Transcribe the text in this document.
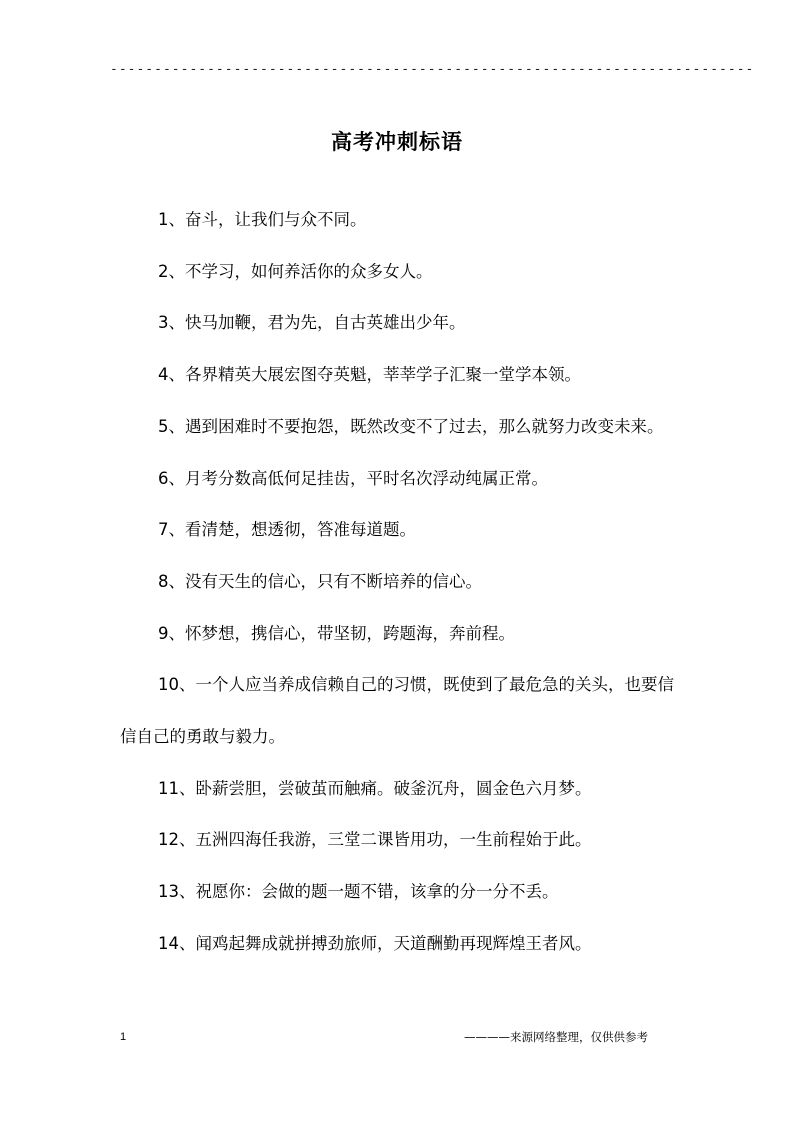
-------------------------------------------------------------------------
高考冲刺标语

1、奋斗，让我们与众不同。

2、不学习，如何养活你的众多女人。

3、快马加鞭，君为先，自古英雄出少年。

4、各界精英大展宏图夺英魁，莘莘学子汇聚一堂学本领。

5、遇到困难时不要抱怨，既然改变不了过去，那么就努力改变未来。

6、月考分数高低何足挂齿，平时名次浮动纯属正常。

7、看清楚，想透彻，答准每道题。

8、没有天生的信心，只有不断培养的信心。

9、怀梦想，携信心，带坚韧，跨题海，奔前程。

10、一个人应当养成信赖自己的习惯，既使到了最危急的关头，也要信信自己的勇敢与毅力。

11、卧薪尝胆，尝破茧而触痛。破釜沉舟，圆金色六月梦。

12、五洲四海任我游，三堂二课皆用功，一生前程始于此。

13、祝愿你：会做的题一题不错，该拿的分一分不丢。

14、闻鸡起舞成就拼搏劲旅师，天道酬勤再现辉煌王者风。

1	————来源网络整理，仅供供参考
